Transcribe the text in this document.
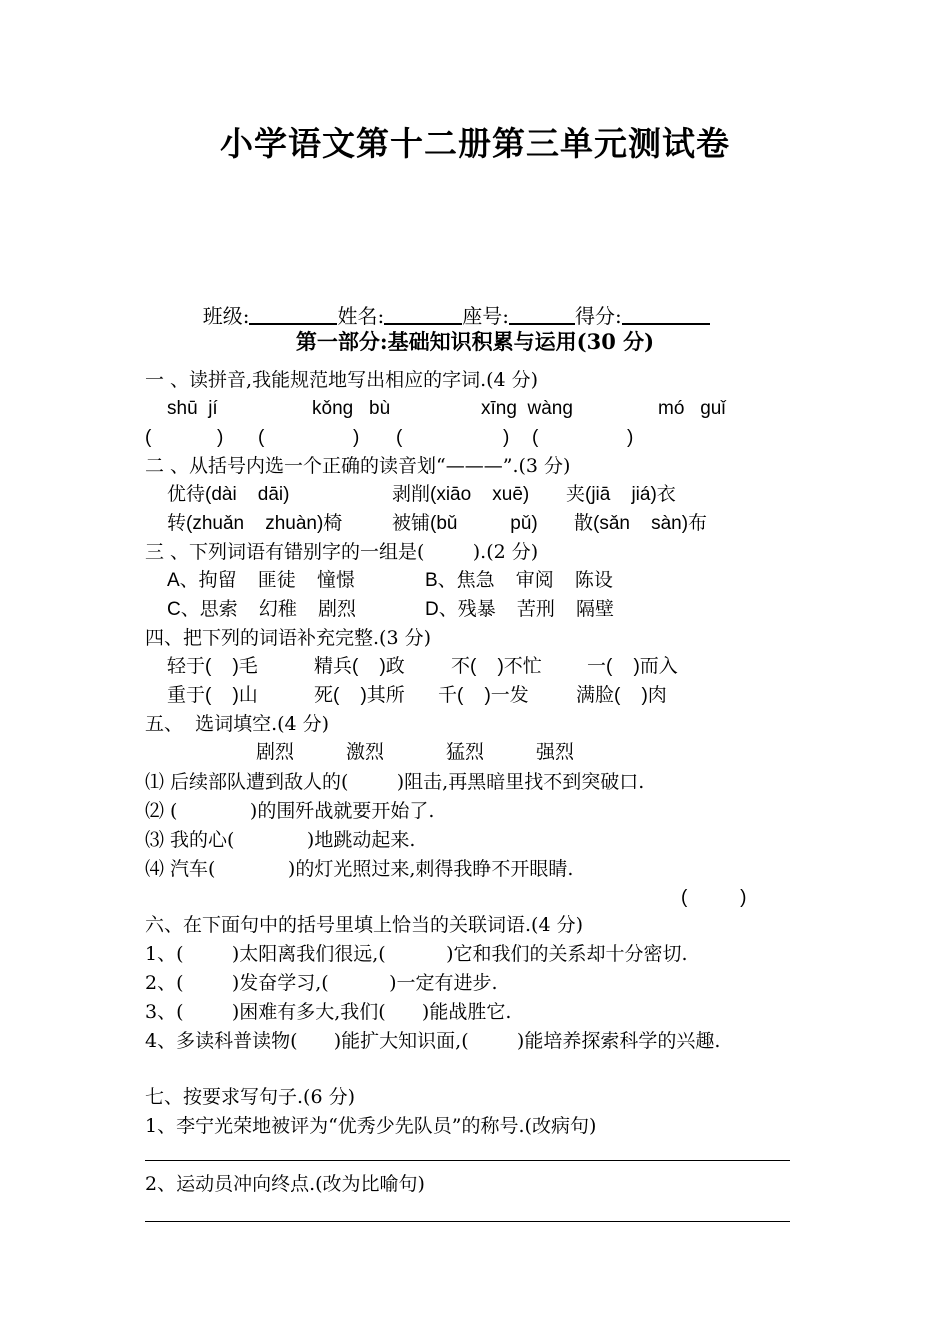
小学语文第十二册第三单元测试卷

班级:	姓名:	座号:	得分:

第一部分:基础知识积累与运用(30 分)
一 、读拼音,我能规范地写出相应的字词.(4 分)
shū  jí	kǒng   bù	xīng  wàng	mó   guǐ
(	) (	) (	) (	)
二 、从括号内选一个正确的读音划“———”.(3 分)
优待(dài    dāi)	剥削(xiāo    xuē) 夹(jiā    jiá)衣
转(zhuǎn    zhuàn)椅	被铺(bǔ          pǔ) 散(sǎn    sàn)布
三 、下列词语有错别字的一组是(        ).(2 分)
A、拘留    匪徒    憧憬	B、焦急    审阅    陈设
C、思索    幻稚    剧烈	D、残暴    苦刑    隔壁
四、把下列的词语补充完整.(3 分)
轻于(    )毛	精兵(    )政 不(    )不忙 一(    )而入
重于(    )山	死(    )其所 千(    )一发 满脸(    )肉
五、  选词填空.(4 分)
剧烈	激烈	猛烈	强烈
⑴ 后续部队遭到敌人的(        )阻击,再黑暗里找不到突破口.
⑵ (            )的围歼战就要开始了.
⑶ 我的心(            )地跳动起来.
⑷ 汽车(            )的灯光照过来,刺得我睁不开眼睛.
(          )
六、在下面句中的括号里填上恰当的关联词语.(4 分)
1、(        )太阳离我们很远,(          )它和我们的关系却十分密切.
2、(        )发奋学习,(          )一定有进步.
3、(        )困难有多大,我们(      )能战胜它.
4、多读科普读物(      )能扩大知识面,(        )能培养探索科学的兴趣.
七、按要求写句子.(6 分)
1、李宁光荣地被评为“优秀少先队员”的称号.(改病句)
2、运动员冲向终点.(改为比喻句)
